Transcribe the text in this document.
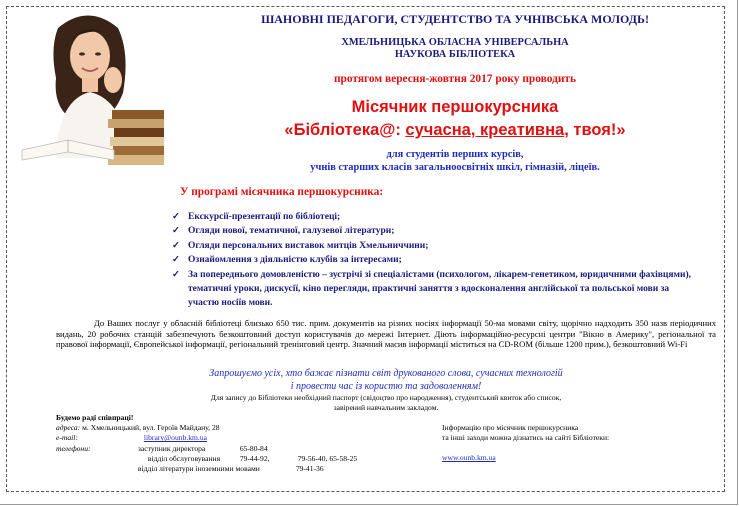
ШАНОВНІ ПЕДАГОГИ, СТУДЕНТСТВО ТА УЧНІВСЬКА МОЛОДЬ!
ХМЕЛЬНИЦЬКА ОБЛАСНА УНІВЕРСАЛЬНА
НАУКОВА БІБЛІОТЕКА
протягом вересня-жовтня 2017 року проводить
Місячник першокурсника
«Бібліотека@: сучасна, креативна, твоя!»
для студентів перших курсів,
учнів старших класів загальноосвітніх шкіл, гімназій, ліцеїв.
У програмі місячника першокурсника:
✓ Екскурсії-презентації по бібліотеці;
✓ Огляди нової, тематичної, галузевої літератури;
✓ Огляди персональних виставок митців Хмельниччини;
✓ Ознайомлення з діяльністю клубів за інтересами;
✓ За попереднього домовленістю – зустрічі зі спеціалістами (психологом, лікарем-генетиком, юридичними фахівцями), тематичні уроки, дискусії, кіно перегляди, практичні заняття з вдосконалення англійської та польської мови за участю носіїв мови.
До Ваших послуг у обласній бібліотеці близько 650 тис. прим. документів на різних носіях інформації 50-ма мовами світу, щорічно надходить 350 назв періодичних видань, 20 робочих станцій забезпечують безкоштовний доступ користувачів до мережі Інтернет. Діють інформаційно-ресурсні центри "Вікно в Америку", регіональної та правової інформації, Європейської інформації, регіональний тренінговий центр. Значний масив інформації міститься на CD-ROM (більше 1200 прим.), безкоштовний Wi-Fi
Запрошуємо усіх, хто бажає пізнати світ друкованого слова, сучасних технологій
і провести час із користю та задоволенням!
Для запису до Бібліотеки необхідний паспорт (свідоцтво про народження), студентський квиток або список,
завірений навчальним закладом.
Будемо раді співпраці!
адреса: м. Хмельницький, вул. Героїв Майдану, 28
e-mail:	library@ounb.km.ua
телефони:	заступник директора	65-80-84
відділ обслуговування	79-44-92,	79-56-40, 65-58-25
відділ літератури іноземними мовами	79-41-36
Інформацію про місячник першокурсника
та інші заходи можна дізнатись на сайті Бібліотеки:
www.ounb.km.ua
